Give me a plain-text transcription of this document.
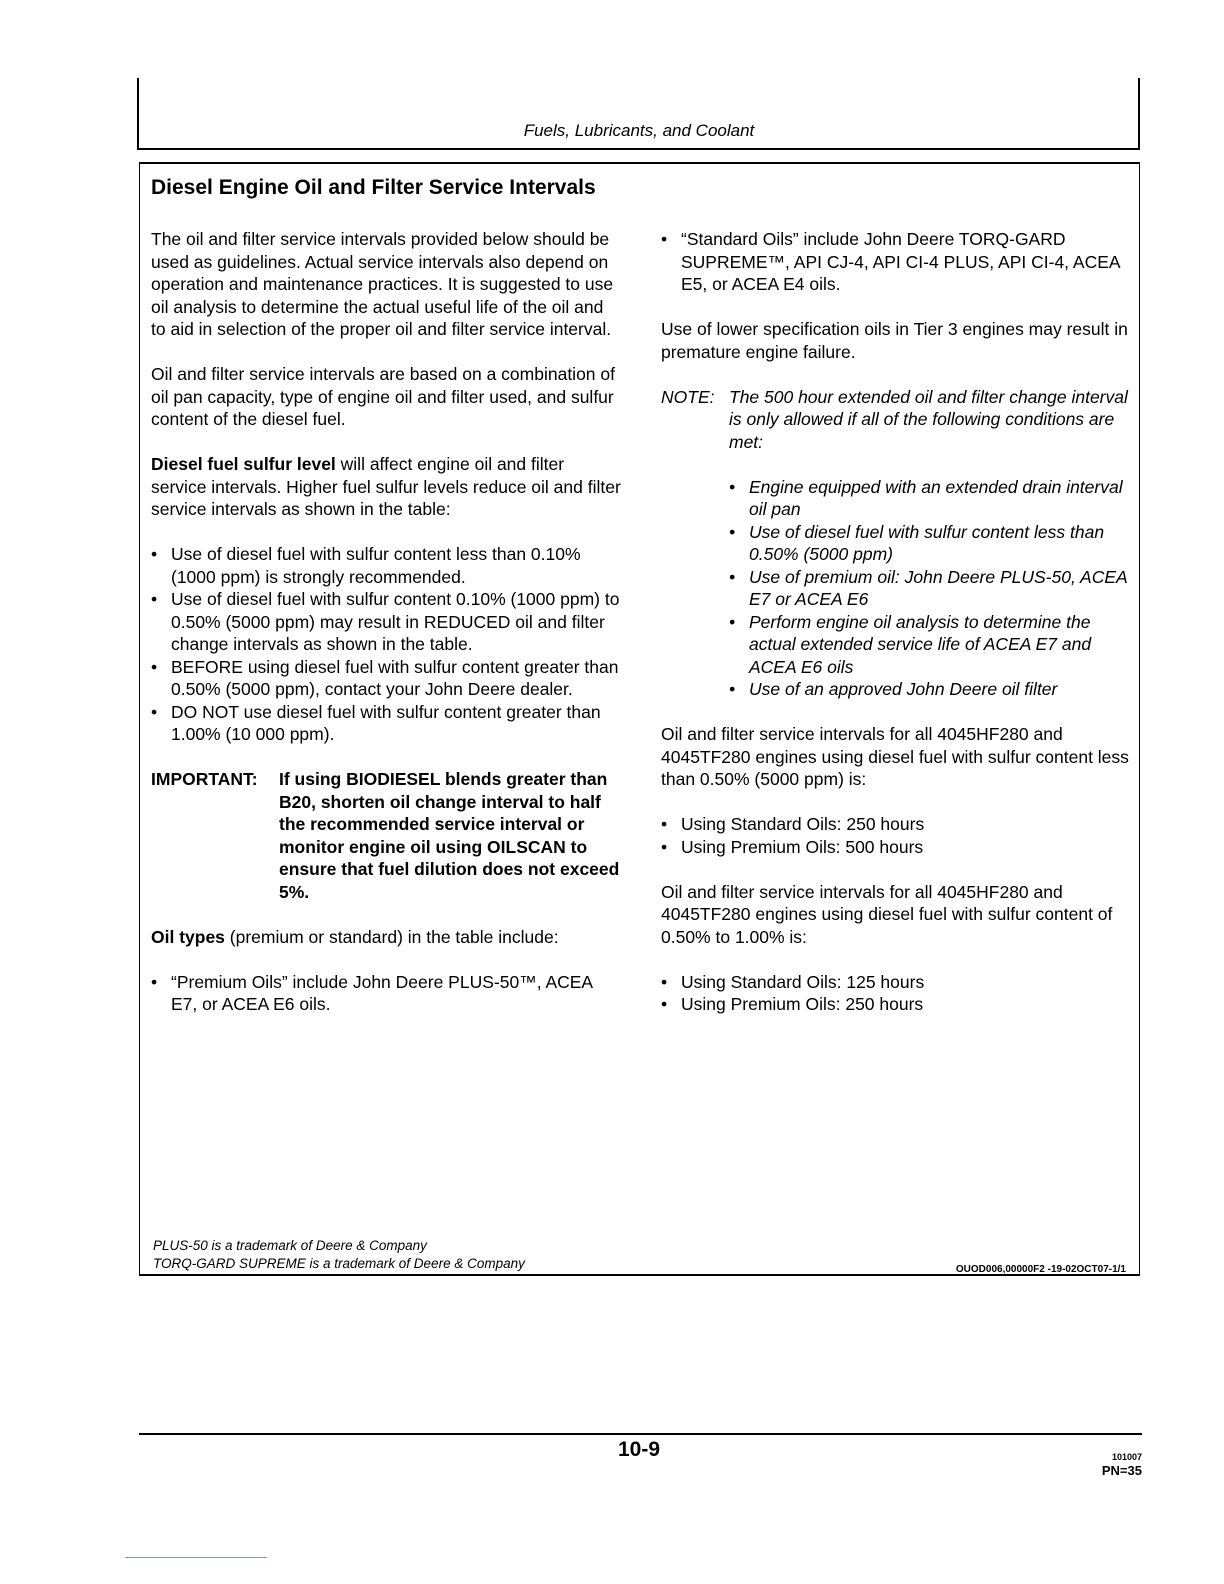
Fuels, Lubricants, and Coolant
Diesel Engine Oil and Filter Service Intervals

The oil and filter service intervals provided below should be used as guidelines. Actual service intervals also depend on operation and maintenance practices. It is suggested to use oil analysis to determine the actual useful life of the oil and to aid in selection of the proper oil and filter service interval.

Oil and filter service intervals are based on a combination of oil pan capacity, type of engine oil and filter used, and sulfur content of the diesel fuel.

Diesel fuel sulfur level will affect engine oil and filter service intervals. Higher fuel sulfur levels reduce oil and filter service intervals as shown in the table:

• Use of diesel fuel with sulfur content less than 0.10% (1000 ppm) is strongly recommended.
• Use of diesel fuel with sulfur content 0.10% (1000 ppm) to 0.50% (5000 ppm) may result in REDUCED oil and filter change intervals as shown in the table.
• BEFORE using diesel fuel with sulfur content greater than 0.50% (5000 ppm), contact your John Deere dealer.
• DO NOT use diesel fuel with sulfur content greater than 1.00% (10 000 ppm).
IMPORTANT:	If using BIODIESEL blends greater than B20, shorten oil change interval to half the recommended service interval or monitor engine oil using OILSCAN to ensure that fuel dilution does not exceed 5%.

Oil types (premium or standard) in the table include:

• “Premium Oils” include John Deere PLUS-50™, ACEA E7, or ACEA E6 oils.
• “Standard Oils” include John Deere TORQ-GARD SUPREME™, API CJ-4, API CI-4 PLUS, API CI-4, ACEA E5, or ACEA E4 oils.

Use of lower specification oils in Tier 3 engines may result in premature engine failure.

NOTE: The 500 hour extended oil and filter change interval is only allowed if all of the following conditions are met:
• Engine equipped with an extended drain interval oil pan
• Use of diesel fuel with sulfur content less than 0.50% (5000 ppm)
• Use of premium oil: John Deere PLUS-50, ACEA E7 or ACEA E6
• Perform engine oil analysis to determine the actual extended service life of ACEA E7 and ACEA E6 oils
• Use of an approved John Deere oil filter

Oil and filter service intervals for all 4045HF280 and 4045TF280 engines using diesel fuel with sulfur content less than 0.50% (5000 ppm) is:

• Using Standard Oils: 250 hours
• Using Premium Oils: 500 hours

Oil and filter service intervals for all 4045HF280 and 4045TF280 engines using diesel fuel with sulfur content of 0.50% to 1.00% is:

• Using Standard Oils: 125 hours
• Using Premium Oils: 250 hours
PLUS-50 is a trademark of Deere & Company
TORQ-GARD SUPREME is a trademark of Deere & Company	OUOD006,00000F2 -19-02OCT07-1/1
10-9	101007
PN=35
